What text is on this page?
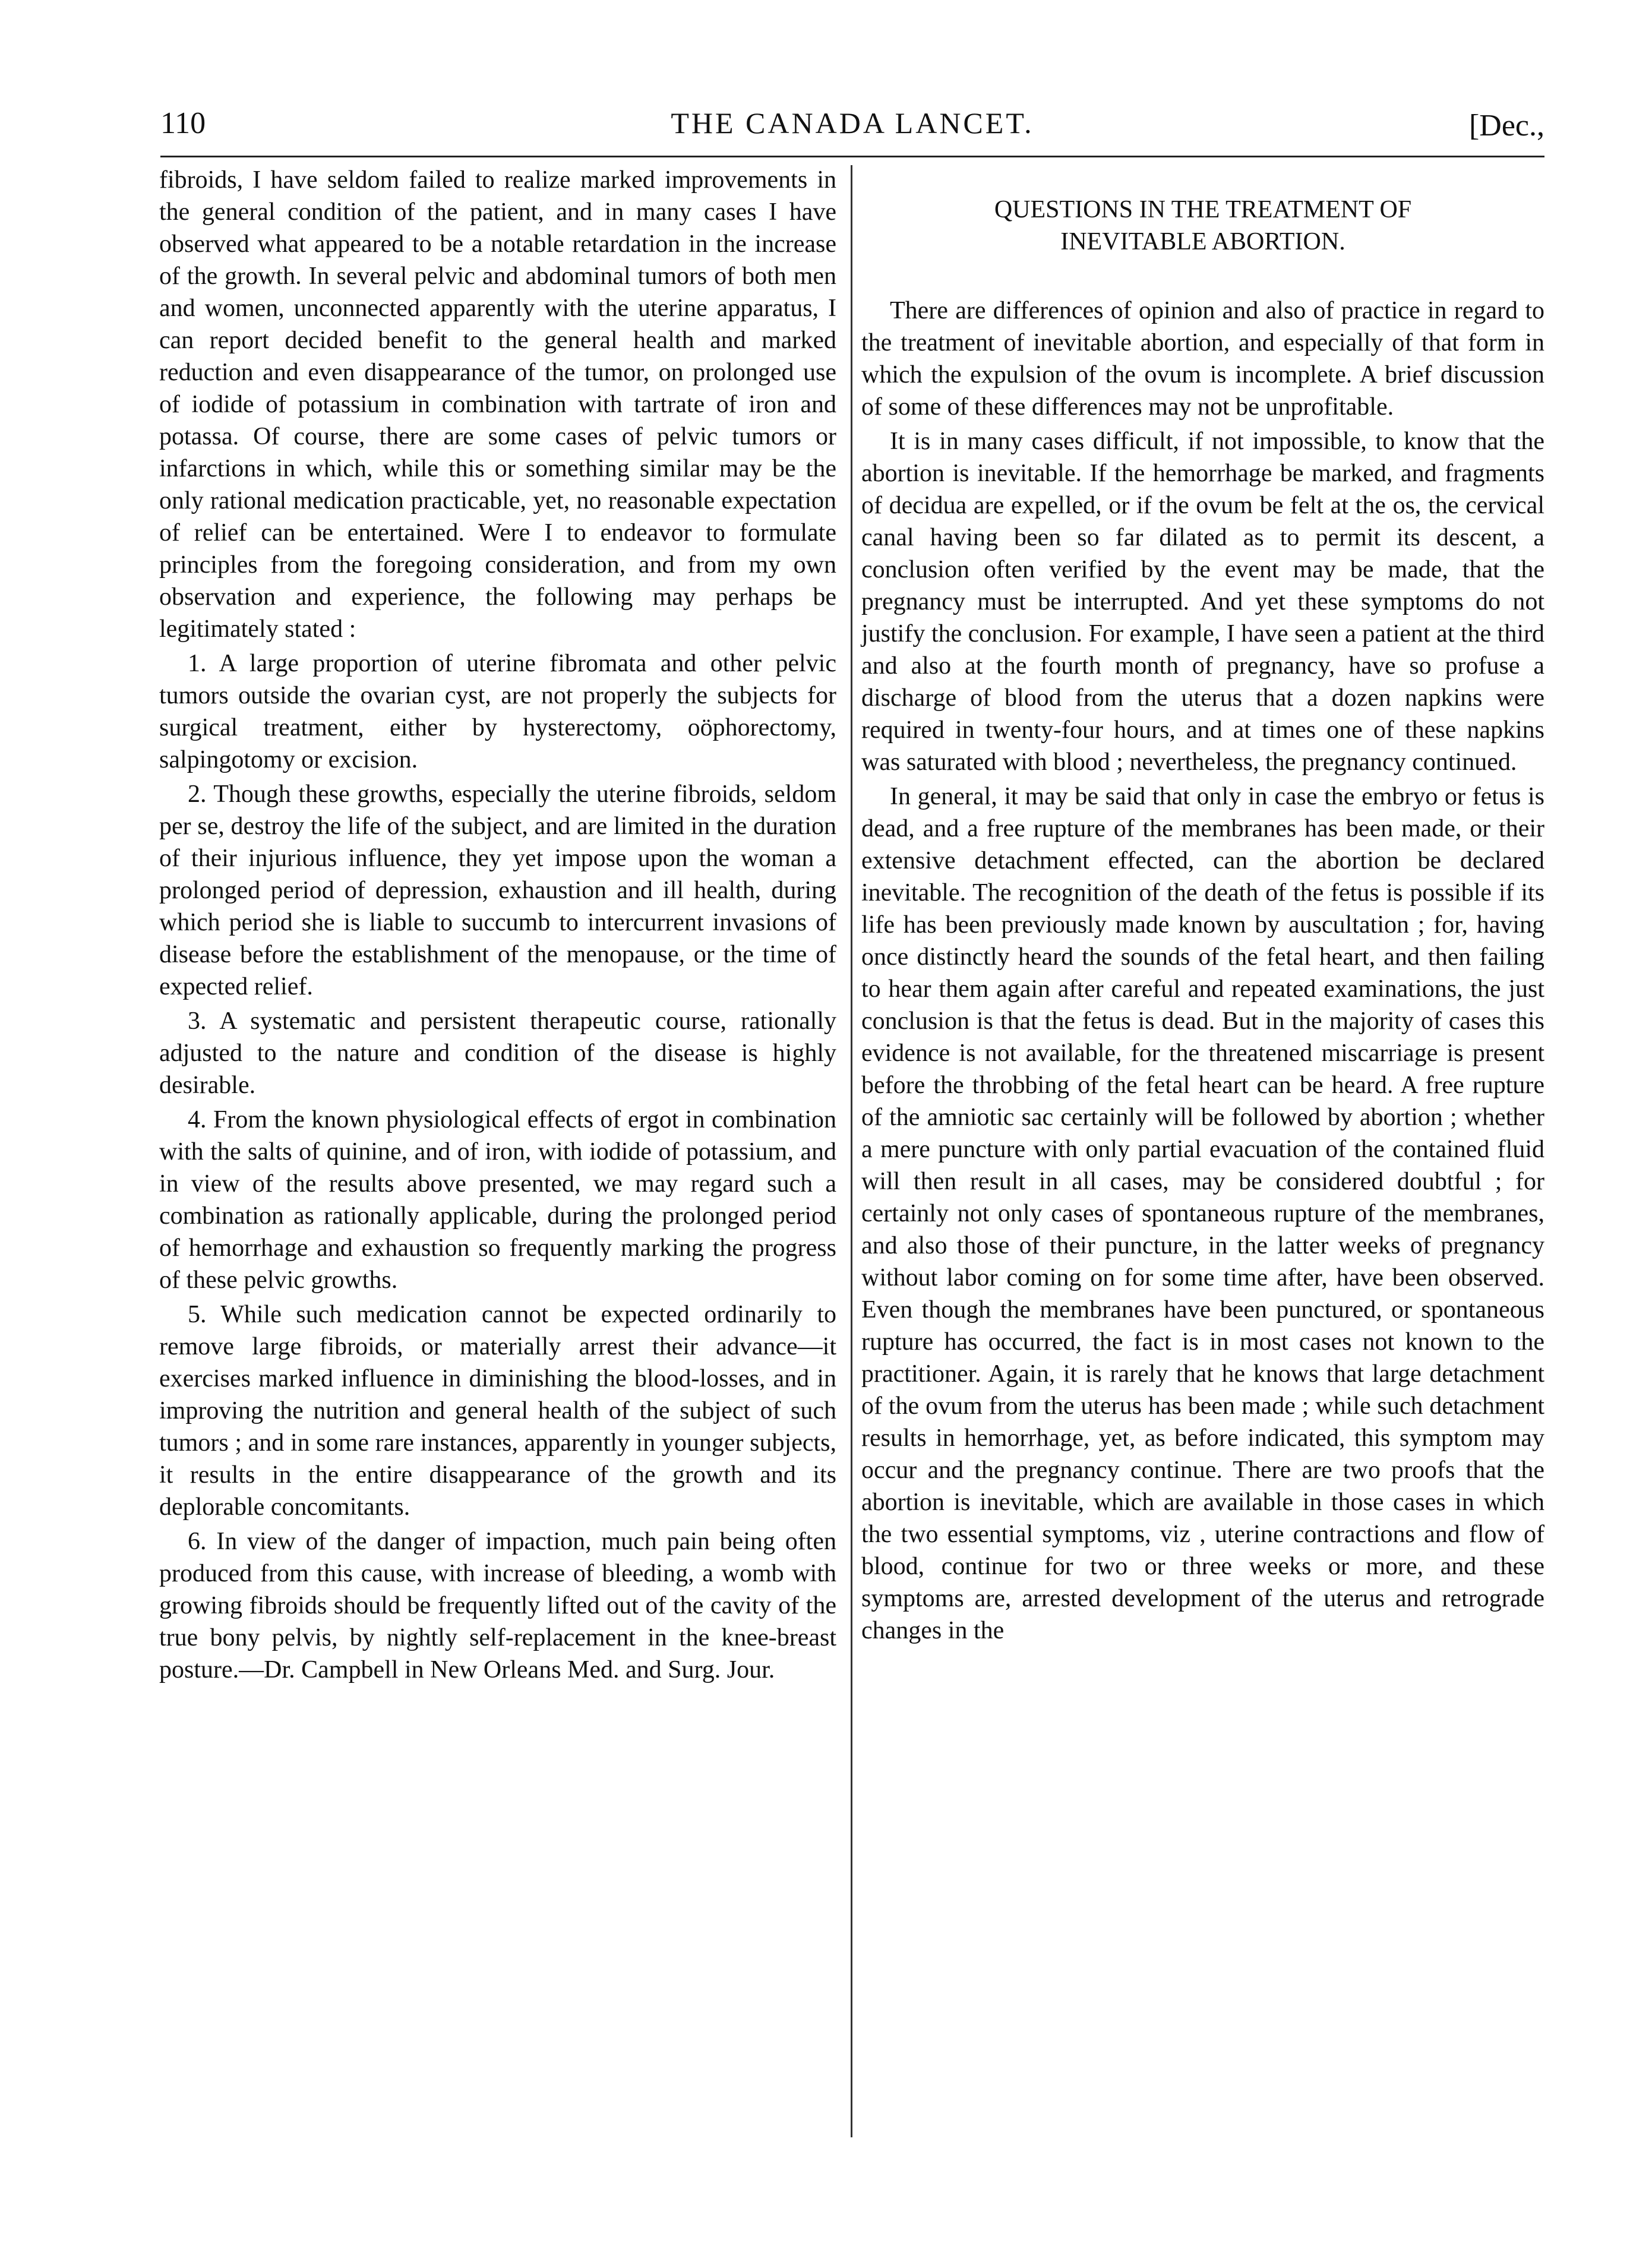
110	THE CANADA LANCET.	[Dec.,

fibroids, I have seldom failed to realize marked improvements in the general condition of the patient, and in many cases I have observed what appeared to be a notable retardation in the increase of the growth. In several pelvic and abdominal tumors of both men and women, unconnected apparently with the uterine apparatus, I can report decided benefit to the general health and marked reduction and even disappearance of the tumor, on prolonged use of iodide of potassium in combination with tartrate of iron and potassa. Of course, there are some cases of pelvic tumors or infarctions in which, while this or something similar may be the only rational medication practicable, yet, no reasonable expectation of relief can be entertained. Were I to endeavor to formulate principles from the foregoing consideration, and from my own observation and experience, the following may perhaps be legitimately stated :

1. A large proportion of uterine fibromata and other pelvic tumors outside the ovarian cyst, are not properly the subjects for surgical treatment, either by hysterectomy, oöphorectomy, salpingotomy or excision.

2. Though these growths, especially the uterine fibroids, seldom per se, destroy the life of the subject, and are limited in the duration of their injurious influence, they yet impose upon the woman a prolonged period of depression, exhaustion and ill health, during which period she is liable to succumb to intercurrent invasions of disease before the establishment of the menopause, or the time of expected relief.

3. A systematic and persistent therapeutic course, rationally adjusted to the nature and condition of the disease is highly desirable.

4. From the known physiological effects of ergot in combination with the salts of quinine, and of iron, with iodide of potassium, and in view of the results above presented, we may regard such a combination as rationally applicable, during the prolonged period of hemorrhage and exhaustion so frequently marking the progress of these pelvic growths.

5. While such medication cannot be expected ordinarily to remove large fibroids, or materially arrest their advance—it exercises marked influence in diminishing the blood-losses, and in improving the nutrition and general health of the subject of such tumors ; and in some rare instances, apparently in younger subjects, it results in the entire disappearance of the growth and its deplorable concomitants.

6. In view of the danger of impaction, much pain being often produced from this cause, with increase of bleeding, a womb with growing fibroids should be frequently lifted out of the cavity of the true bony pelvis, by nightly self-replacement in the knee-breast posture.—Dr. Campbell in New Orleans Med. and Surg. Jour.

QUESTIONS IN THE TREATMENT OF
INEVITABLE ABORTION.

There are differences of opinion and also of practice in regard to the treatment of inevitable abortion, and especially of that form in which the expulsion of the ovum is incomplete. A brief discussion of some of these differences may not be unprofitable.

It is in many cases difficult, if not impossible, to know that the abortion is inevitable. If the hemorrhage be marked, and fragments of decidua are expelled, or if the ovum be felt at the os, the cervical canal having been so far dilated as to permit its descent, a conclusion often verified by the event may be made, that the pregnancy must be interrupted. And yet these symptoms do not justify the conclusion. For example, I have seen a patient at the third and also at the fourth month of pregnancy, have so profuse a discharge of blood from the uterus that a dozen napkins were required in twenty-four hours, and at times one of these napkins was saturated with blood ; nevertheless, the pregnancy continued.

In general, it may be said that only in case the embryo or fetus is dead, and a free rupture of the membranes has been made, or their extensive detachment effected, can the abortion be declared inevitable. The recognition of the death of the fetus is possible if its life has been previously made known by auscultation ; for, having once distinctly heard the sounds of the fetal heart, and then failing to hear them again after careful and repeated examinations, the just conclusion is that the fetus is dead. But in the majority of cases this evidence is not available, for the threatened miscarriage is present before the throbbing of the fetal heart can be heard. A free rupture of the amniotic sac certainly will be followed by abortion ; whether a mere puncture with only partial evacuation of the contained fluid will then result in all cases, may be considered doubtful ; for certainly not only cases of spontaneous rupture of the membranes, and also those of their puncture, in the latter weeks of pregnancy without labor coming on for some time after, have been observed. Even though the membranes have been punctured, or spontaneous rupture has occurred, the fact is in most cases not known to the practitioner. Again, it is rarely that he knows that large detachment of the ovum from the uterus has been made ; while such detachment results in hemorrhage, yet, as before indicated, this symptom may occur and the pregnancy continue. There are two proofs that the abortion is inevitable, which are available in those cases in which the two essential symptoms, viz , uterine contractions and flow of blood, continue for two or three weeks or more, and these symptoms are, arrested development of the uterus and retrograde changes in the
